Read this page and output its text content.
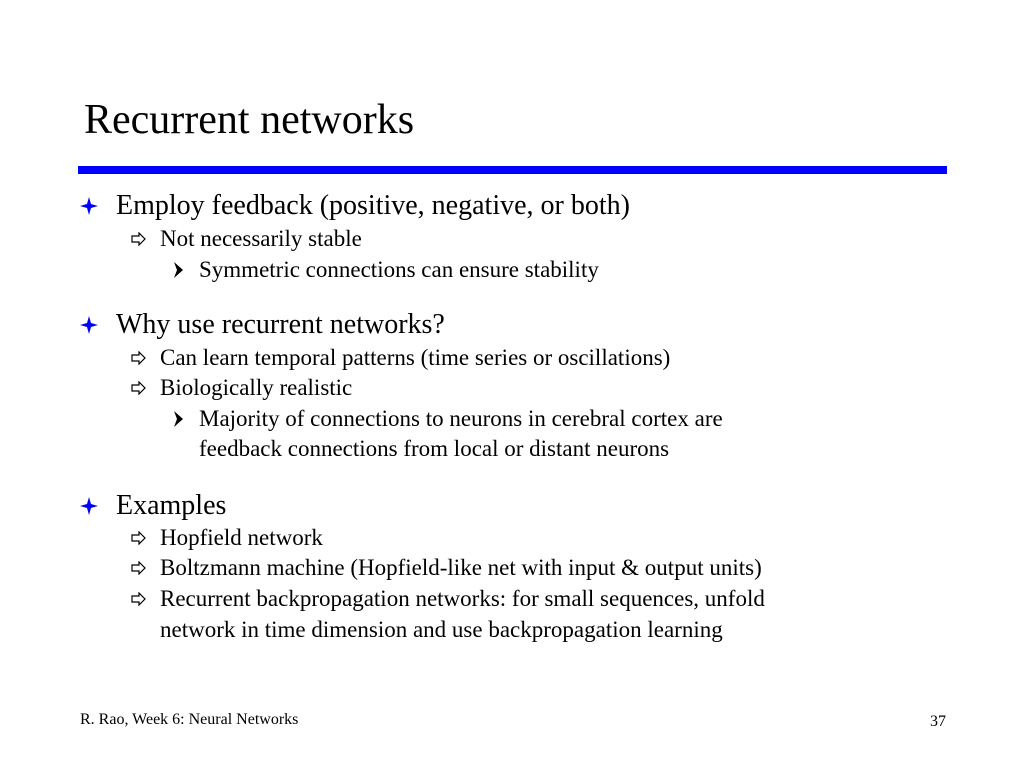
Recurrent networks
Employ feedback (positive, negative, or both)
Not necessarily stable
Symmetric connections can ensure stability
Why use recurrent networks?
Can learn temporal patterns (time series or oscillations)
Biologically realistic
Majority of connections to neurons in cerebral cortex are
feedback connections from local or distant neurons
Examples
Hopfield network
Boltzmann machine (Hopfield-like net with input & output units)
Recurrent backpropagation networks: for small sequences, unfold
network in time dimension and use backpropagation learning
R. Rao, Week 6: Neural Networks	37
